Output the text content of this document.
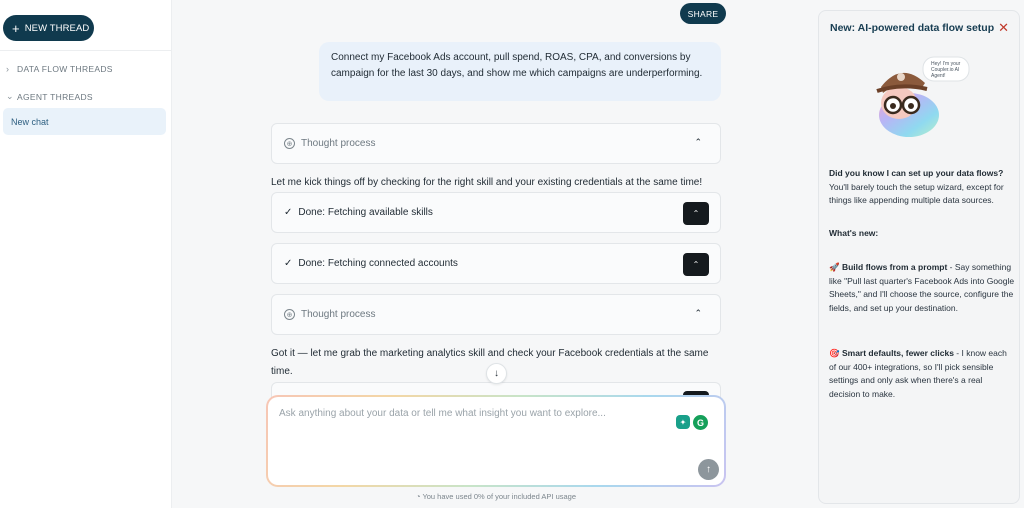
+ NEW THREAD
› DATA FLOW THREADS
⌄ AGENT THREADS
New chat
SHARE
Connect my Facebook Ads account, pull spend, ROAS, CPA, and conversions by campaign for the last 30 days, and show me which campaigns are underperforming.
⊕ Thought process	⌃
Let me kick things off by checking for the right skill and your existing credentials at the same time!
✓ Done: Fetching available skills	⌃
✓ Done: Fetching connected accounts	⌃
⊕ Thought process	⌃
Got it — let me grab the marketing analytics skill and check your Facebook credentials at the same time.	↓
Ask anything about your data or tell me what insight you want to explore...
✦	G
↑
◔ You have used 0% of your included API usage
New: AI-powered data flow setup ✕
Hey! I'm your Coupler.io AI Agent!
Did you know I can set up your data flows? You'll barely touch the setup wizard, except for things like appending multiple data sources.
What's new:
🚀 Build flows from a prompt - Say something like "Pull last quarter's Facebook Ads into Google Sheets," and I'll choose the source, configure the fields, and set up your destination.
🎯 Smart defaults, fewer clicks - I know each of our 400+ integrations, so I'll pick sensible settings and only ask when there's a real decision to make.
